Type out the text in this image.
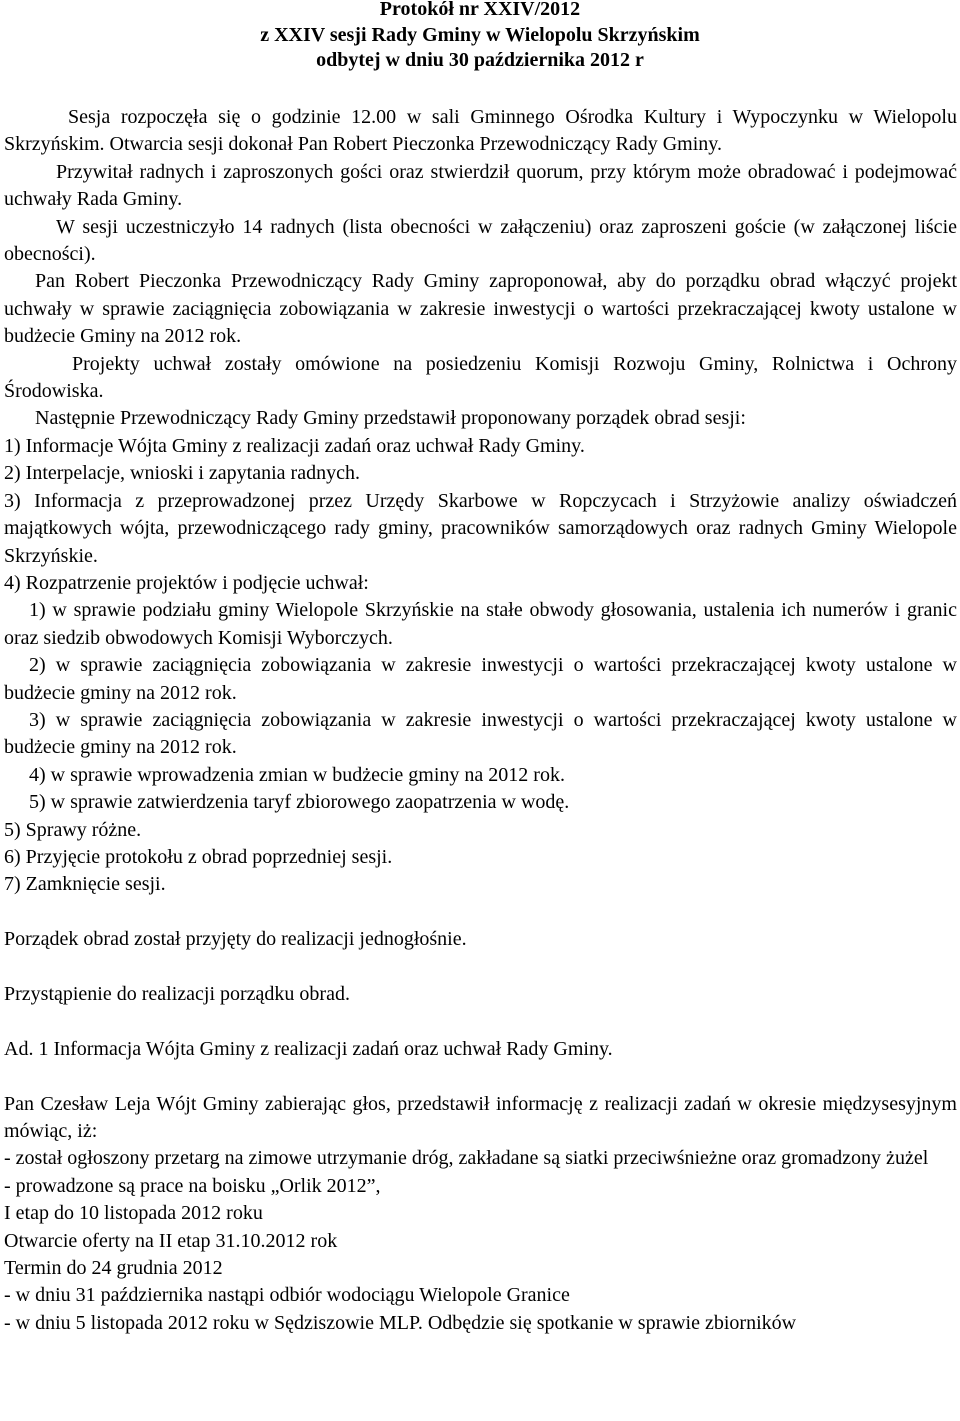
Protokół nr XXIV/2012
z XXIV sesji Rady Gminy w Wielopolu Skrzyńskim
odbytej w dniu 30 października 2012 r

Sesja rozpoczęła się o godzinie 12.00 w sali Gminnego Ośrodka Kultury i Wypoczynku w Wielopolu Skrzyńskim. Otwarcia sesji dokonał Pan Robert Pieczonka Przewodniczący Rady Gminy.

Przywitał radnych i zaproszonych gości oraz stwierdził quorum, przy którym może obradować i podejmować uchwały Rada Gminy.

W sesji uczestniczyło 14 radnych (lista obecności w załączeniu) oraz zaproszeni goście (w załączonej liście obecności).

Pan Robert Pieczonka Przewodniczący Rady Gminy zaproponował, aby do porządku obrad włączyć projekt uchwały w sprawie zaciągnięcia zobowiązania w zakresie inwestycji o wartości przekraczającej kwoty ustalone w budżecie Gminy na 2012 rok.

Projekty uchwał zostały omówione na posiedzeniu Komisji Rozwoju Gminy, Rolnictwa i Ochrony Środowiska.

Następnie Przewodniczący Rady Gminy przedstawił proponowany porządek obrad sesji:

1) Informacje Wójta Gminy z realizacji zadań oraz uchwał Rady Gminy.

2) Interpelacje, wnioski i zapytania radnych.

3) Informacja z przeprowadzonej przez Urzędy Skarbowe w Ropczycach i Strzyżowie analizy oświadczeń majątkowych wójta, przewodniczącego rady gminy, pracowników samorządowych oraz radnych Gminy Wielopole Skrzyńskie.

4) Rozpatrzenie projektów i podjęcie uchwał:

1) w sprawie podziału gminy Wielopole Skrzyńskie na stałe obwody głosowania, ustalenia ich numerów i granic oraz siedzib obwodowych Komisji Wyborczych.

2) w sprawie zaciągnięcia zobowiązania w zakresie inwestycji o wartości przekraczającej kwoty ustalone w budżecie gminy na 2012 rok.

3) w sprawie zaciągnięcia zobowiązania w zakresie inwestycji o wartości przekraczającej kwoty ustalone w budżecie gminy na 2012 rok.

4) w sprawie wprowadzenia zmian w budżecie gminy na 2012 rok.

5) w sprawie zatwierdzenia taryf zbiorowego zaopatrzenia w wodę.

5) Sprawy różne.

6) Przyjęcie protokołu z obrad poprzedniej sesji.

7) Zamknięcie sesji.

Porządek obrad został przyjęty do realizacji jednogłośnie.

Przystąpienie do realizacji porządku obrad.

Ad. 1 Informacja Wójta Gminy z realizacji zadań oraz uchwał Rady Gminy.

Pan Czesław Leja Wójt Gminy zabierając głos, przedstawił informację z realizacji zadań w okresie międzysesyjnym mówiąc, iż:

- został ogłoszony przetarg na zimowe utrzymanie dróg, zakładane są siatki przeciwśnieżne oraz gromadzony żużel

- prowadzone są prace na boisku „Orlik 2012”,

I etap do 10 listopada 2012 roku

Otwarcie oferty na II etap 31.10.2012 rok

Termin do 24 grudnia 2012

- w dniu 31 października nastąpi odbiór wodociągu Wielopole Granice

- w dniu 5 listopada 2012 roku w Sędziszowie MLP. Odbędzie się spotkanie w sprawie zbiorników
